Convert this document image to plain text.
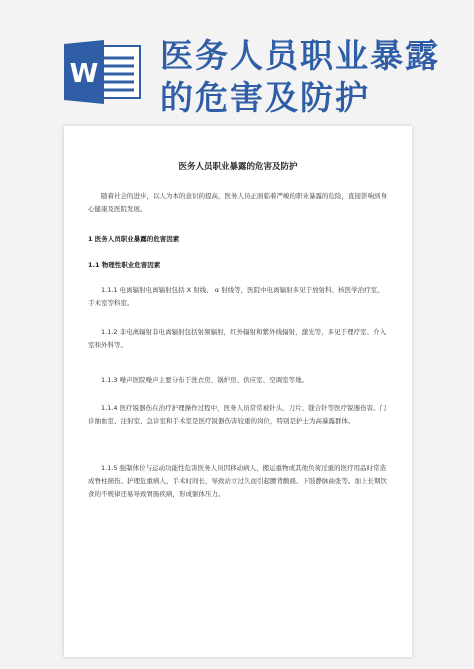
W 医务人员职业暴露
的危害及防护
医务人员职业暴露的危害及防护
随着社会的进步，以人为本的意识的提高，医务人员正面临着严峻的职业暴露的危险，直接影响到身心健康及医院发展。
1 医务人员职业暴露的危害因素
1.1 物理性职业危害因素
1.1.1 电离辐射电离辐射包括 X 射线、 α 射线等，医院中电离辐射多见于放射科、核医学治疗室、手术室等科室。
1.1.2 非电离辐射非电离辐射包括射频辐射，红外辐射和紫外线辐射，激光等，多见于理疗室、介入室和外科等。
1.1.3 噪声医院噪声主要分布于洗衣房、锅炉房、供应室、空调室等地。
1.1.4 医疗锐器伤在治疗护理操作过程中，医务人员常常被针头、刀片、缝合针等医疗锐器伤害。门诊抽血室、注射室、急诊室和手术室是医疗锐器伤害较重的岗位，特别是护士为高暴露群体。
1.1.5 强制体位与运动功能性危害医务人员因移动病人，搬运重物或其他负荷过重的医疗用品时常造成脊柱损伤。护理危重病人，手术时间长，导致站立过久而引起腰背酸痛、下肢静脉曲张等。加上长期饮食的不规律还易导致胃肠疾病，形成躯体压力。
